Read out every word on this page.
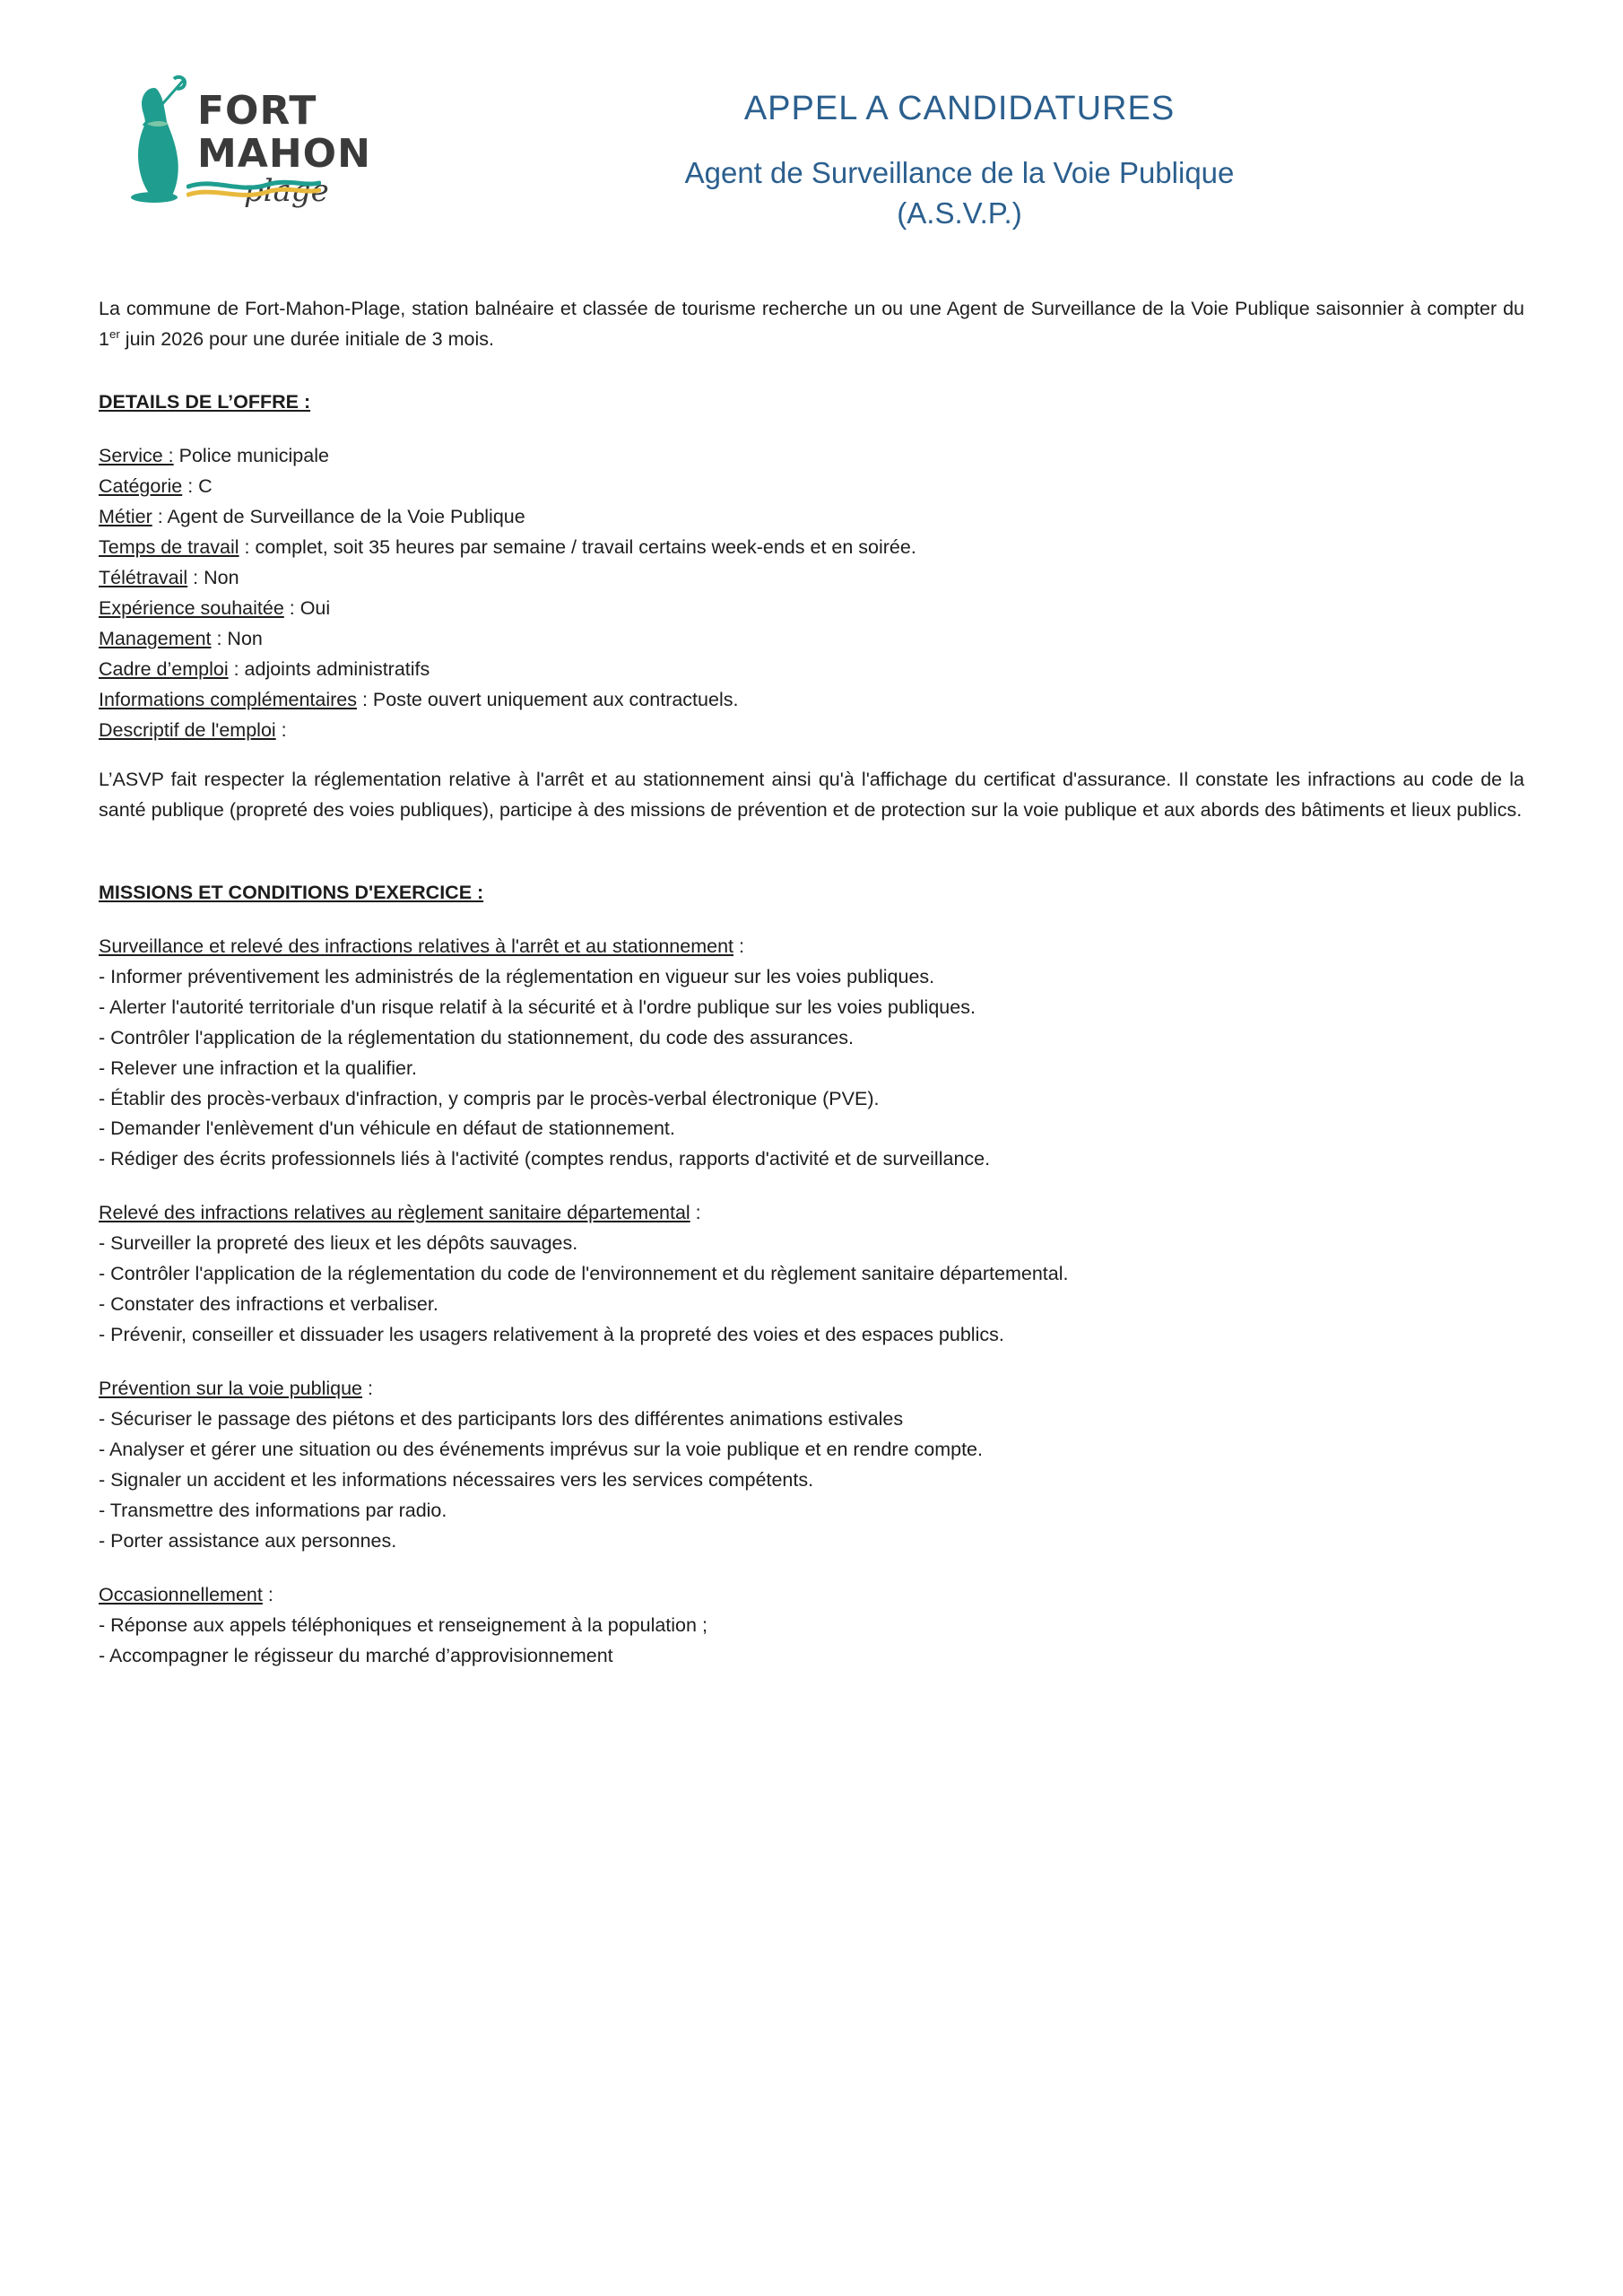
FORT
MAHON
plage
APPEL A CANDIDATURES
Agent de Surveillance de la Voie Publique
(A.S.V.P.)

La commune de Fort-Mahon-Plage, station balnéaire et classée de tourisme recherche un ou une Agent de Surveillance de la Voie Publique saisonnier à compter du 1er juin 2026 pour une durée initiale de 3 mois.

DETAILS DE L’OFFRE :

Service : Police municipale

Catégorie : C

Métier : Agent de Surveillance de la Voie Publique

Temps de travail : complet, soit 35 heures par semaine / travail certains week-ends et en soirée.

Télétravail : Non

Expérience souhaitée : Oui

Management : Non

Cadre d’emploi : adjoints administratifs

Informations complémentaires : Poste ouvert uniquement aux contractuels.

Descriptif de l'emploi :

L’ASVP fait respecter la réglementation relative à l'arrêt et au stationnement ainsi qu'à l'affichage du certificat d'assurance. Il constate les infractions au code de la santé publique (propreté des voies publiques), participe à des missions de prévention et de protection sur la voie publique et aux abords des bâtiments et lieux publics.

MISSIONS ET CONDITIONS D'EXERCICE :

Surveillance et relevé des infractions relatives à l'arrêt et au stationnement :

- Informer préventivement les administrés de la réglementation en vigueur sur les voies publiques.

- Alerter l'autorité territoriale d'un risque relatif à la sécurité et à l'ordre publique sur les voies publiques.

- Contrôler l'application de la réglementation du stationnement, du code des assurances.

- Relever une infraction et la qualifier.

- Établir des procès-verbaux d'infraction, y compris par le procès-verbal électronique (PVE).

- Demander l'enlèvement d'un véhicule en défaut de stationnement.

- Rédiger des écrits professionnels liés à l'activité (comptes rendus, rapports d'activité et de surveillance.

Relevé des infractions relatives au règlement sanitaire départemental :

- Surveiller la propreté des lieux et les dépôts sauvages.

- Contrôler l'application de la réglementation du code de l'environnement et du règlement sanitaire départemental.

- Constater des infractions et verbaliser.

- Prévenir, conseiller et dissuader les usagers relativement à la propreté des voies et des espaces publics.

Prévention sur la voie publique :

- Sécuriser le passage des piétons et des participants lors des différentes animations estivales

- Analyser et gérer une situation ou des événements imprévus sur la voie publique et en rendre compte.

- Signaler un accident et les informations nécessaires vers les services compétents.

- Transmettre des informations par radio.

- Porter assistance aux personnes.

Occasionnellement :

- Réponse aux appels téléphoniques et renseignement à la population ;

- Accompagner le régisseur du marché d’approvisionnement
